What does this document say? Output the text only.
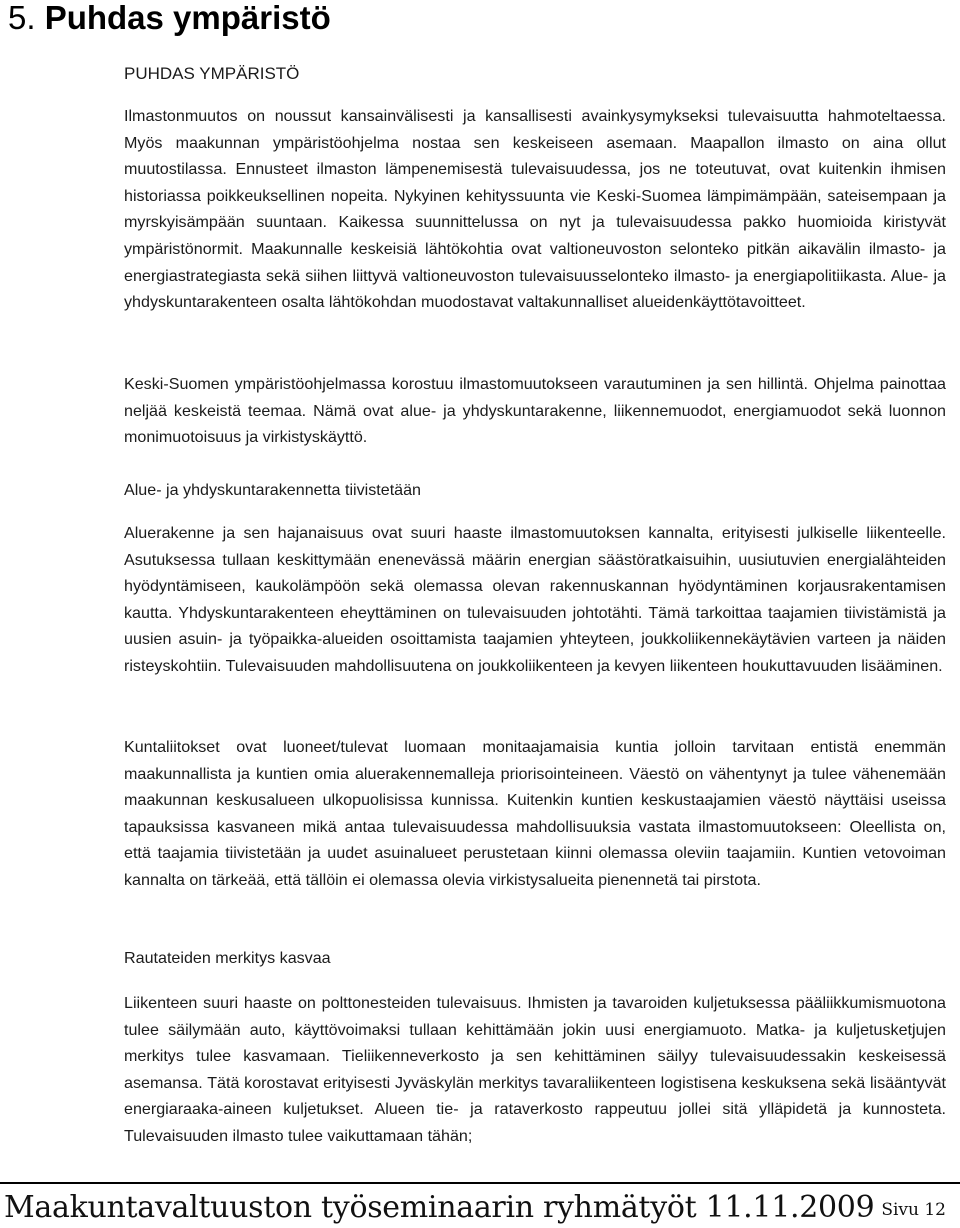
5. Puhdas ympäristö
PUHDAS YMPÄRISTÖ

Ilmastonmuutos on noussut kansainvälisesti ja kansallisesti avainkysymykseksi tulevaisuutta hahmoteltaessa. Myös maakunnan ympäristöohjelma nostaa sen keskeiseen asemaan. Maapallon ilmasto on aina ollut muutostilassa. Ennusteet ilmaston lämpenemisestä tulevaisuudessa, jos ne toteutuvat, ovat kuitenkin ihmisen historiassa poikkeuksellinen nopeita. Nykyinen kehityssuunta vie Keski-Suomea lämpimämpään, sateisempaan ja myrskyisämpään suuntaan. Kaikessa suunnittelussa on nyt ja tulevaisuudessa pakko huomioida kiristyvät ympäristönormit. Maakunnalle keskeisiä lähtökohtia ovat valtioneuvoston selonteko pitkän aikavälin ilmasto- ja energiastrategiasta sekä siihen liittyvä valtioneuvoston tulevaisuusselonteko ilmasto- ja energiapolitiikasta. Alue- ja yhdyskuntarakenteen osalta lähtökohdan muodostavat valtakunnalliset alueidenkäyttötavoitteet.

Keski-Suomen ympäristöohjelmassa korostuu ilmastomuutokseen varautuminen ja sen hillintä. Ohjelma painottaa neljää keskeistä teemaa. Nämä ovat alue- ja yhdyskuntarakenne, liikennemuodot, energiamuodot sekä luonnon monimuotoisuus ja virkistyskäyttö.

Alue- ja yhdyskuntarakennetta tiivistetään

Aluerakenne ja sen hajanaisuus ovat suuri haaste ilmastomuutoksen kannalta, erityisesti julkiselle liikenteelle. Asutuksessa tullaan keskittymään enenevässä määrin energian säästöratkaisuihin, uusiutuvien energialähteiden hyödyntämiseen, kaukolämpöön sekä olemassa olevan rakennuskannan hyödyntäminen korjausrakentamisen kautta. Yhdyskuntarakenteen eheyttäminen on tulevaisuuden johtotähti. Tämä tarkoittaa taajamien tiivistämistä ja uusien asuin- ja työpaikka-alueiden osoittamista taajamien yhteyteen, joukkoliikennekäytävien varteen ja näiden risteyskohtiin. Tulevaisuuden mahdollisuutena on joukkoliikenteen ja kevyen liikenteen houkuttavuuden lisääminen.

Kuntaliitokset ovat luoneet/tulevat luomaan monitaajamaisia kuntia jolloin tarvitaan entistä enemmän maakunnallista ja kuntien omia aluerakennemalleja priorisointeineen. Väestö on vähentynyt ja tulee vähenemään maakunnan keskusalueen ulkopuolisissa kunnissa. Kuitenkin kuntien keskustaajamien väestö näyttäisi useissa tapauksissa kasvaneen mikä antaa tulevaisuudessa mahdollisuuksia vastata ilmastomuutokseen: Oleellista on, että taajamia tiivistetään ja uudet asuinalueet perustetaan kiinni olemassa oleviin taajamiin. Kuntien vetovoiman kannalta on tärkeää, että tällöin ei olemassa olevia virkistysalueita pienennetä tai pirstota.

Rautateiden merkitys kasvaa

Liikenteen suuri haaste on polttonesteiden tulevaisuus. Ihmisten ja tavaroiden kuljetuksessa pääliikkumismuotona tulee säilymään auto, käyttövoimaksi tullaan kehittämään jokin uusi energiamuoto. Matka- ja kuljetusketjujen merkitys tulee kasvamaan. Tieliikenneverkosto ja sen kehittäminen säilyy tulevaisuudessakin keskeisessä asemansa. Tätä korostavat erityisesti Jyväskylän merkitys tavaraliikenteen logistisena keskuksena sekä lisääntyvät energiaraaka-aineen kuljetukset. Alueen tie- ja rataverkosto rappeutuu jollei sitä ylläpidetä ja kunnosteta. Tulevaisuuden ilmasto tulee vaikuttamaan tähän;

Maakuntavaltuuston työseminaarin ryhmätyöt 11.11.2009 Sivu 12
